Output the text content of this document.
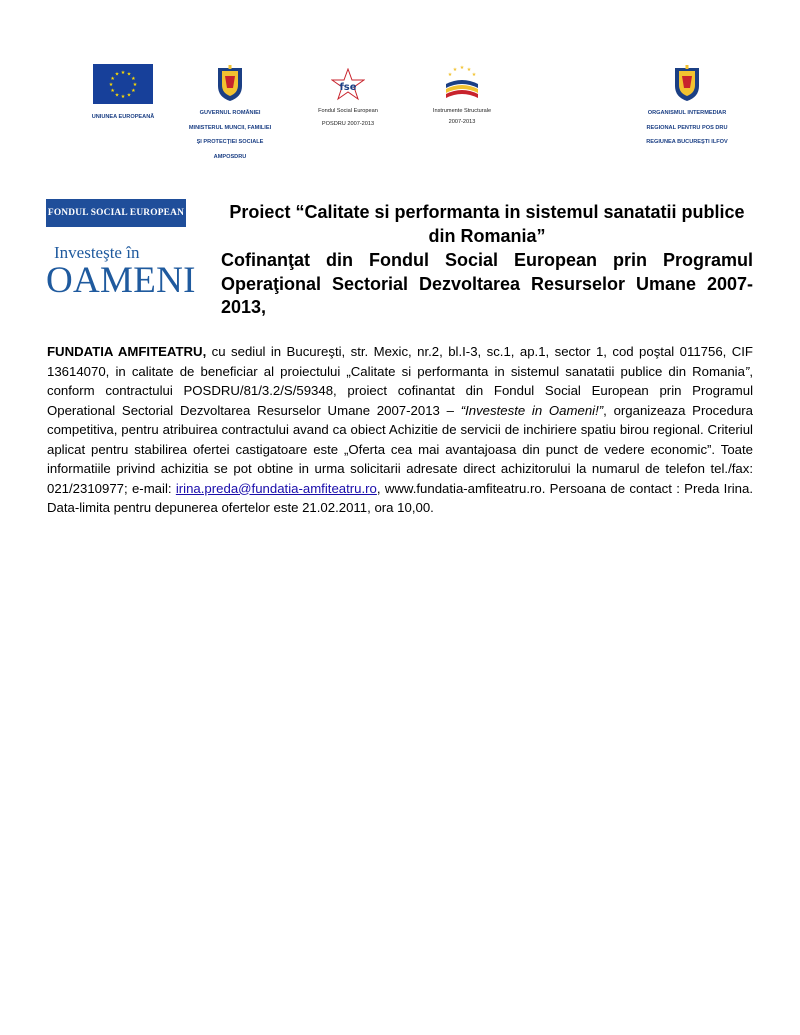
★ ★
★
★
★
★
★
★
★
★
★
★
UNIUNEA EUROPEANĂ
GUVERNUL ROMÂNIEI
MINISTERUL MUNCII, FAMILIEI
ŞI PROTECŢIEI SOCIALE
AMPOSDRU
fse
Fondul Social European
POSDRU 2007-2013
★ ★
★
★
★
Instrumente Structurale
2007-2013
ORGANISMUL INTERMEDIAR
REGIONAL PENTRU POS DRU
REGIUNEA BUCUREŞTI ILFOV
FONDUL SOCIAL EUROPEAN
Investeşte în
OAMENI
Proiect “Calitate si performanta in sistemul sanatatii publice din Romania”
Cofinanţat din Fondul Social European prin Programul Operaţional Sectorial Dezvoltarea Resurselor Umane 2007- 2013,
FUNDATIA AMFITEATRU, cu sediul in Bucureşti, str. Mexic, nr.2, bl.I-3, sc.1, ap.1, sector 1, cod poştal 011756, CIF 13614070, in calitate de beneficiar al proiectului „Calitate si performanta in sistemul sanatatii publice din Romania”, conform contractului POSDRU/81/3.2/S/59348, proiect cofinantat din Fondul Social European prin Programul Operational Sectorial Dezvoltarea Resurselor Umane 2007-2013 – “Investeste in Oameni!”, organizeaza Procedura competitiva, pentru atribuirea contractului avand ca obiect Achizitie de servicii de inchiriere spatiu birou regional. Criteriul aplicat pentru stabilirea ofertei castigatoare este „Oferta cea mai avantajoasa din punct de vedere economic”. Toate informatiile privind achizitia se pot obtine in urma solicitarii adresate direct achizitorului la numarul de telefon tel./fax: 021/2310977; e-mail: irina.preda@fundatia-amfiteatru.ro, www.fundatia-amfiteatru.ro. Persoana de contact : Preda Irina. Data-limita pentru depunerea ofertelor este 21.02.2011, ora 10,00.
